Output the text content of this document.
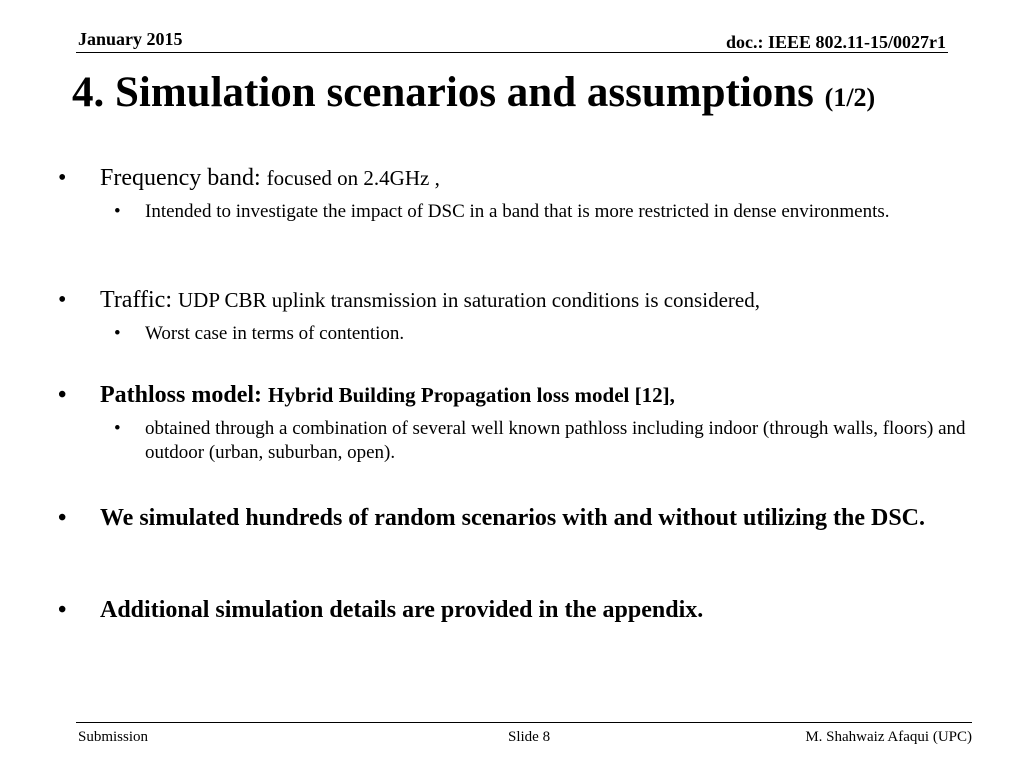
January 2015	doc.: IEEE 802.11-15/0027r1
4. Simulation scenarios and assumptions (1/2)
• Frequency band: focused on 2.4GHz ,
• Intended to investigate the impact of DSC in a band that is more restricted in dense environments.
• Traffic: UDP CBR uplink transmission in saturation conditions is considered,
• Worst case in terms of contention.
• Pathloss model: Hybrid Building Propagation loss model [12],
• obtained through a combination of several well known pathloss including indoor (through walls, floors) and outdoor (urban, suburban, open).
• We simulated hundreds of random scenarios with and without utilizing the DSC.
• Additional simulation details are provided in the appendix.
Submission	Slide 8	M. Shahwaiz Afaqui (UPC)
